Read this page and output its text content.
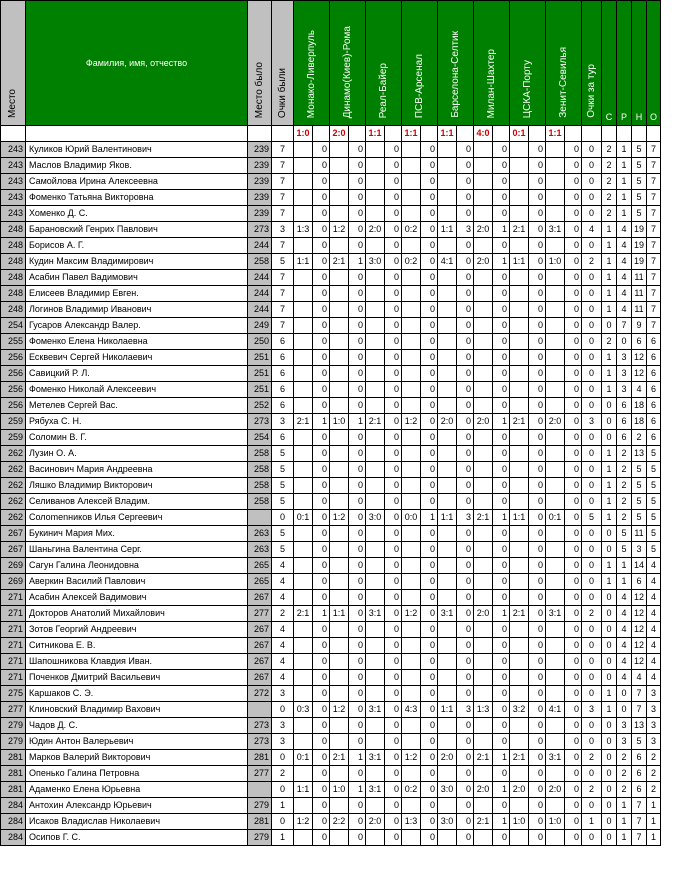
Место	Фамилия, имя, отчество	Место было	Очки были	Монако-Ливерпуль		Динамо(Киев)-Рома		Реал-Байер		ПСВ-Арсенал		Барселона-Селтик		Милан-Шахтер		ЦСКА-Порту		Зенит-Севилья		Очки за тур	С	Р	Н	О
				1:0		2:0		1:1		1:1		1:1		4:0		0:1		1:1						
243	Куликов Юрий Валентинович	239	7		0		0		0		0		0		0		0		0	0	2	1	5	7
243	Маслов Владимир Яков.	239	7		0		0		0		0		0		0		0		0	0	2	1	5	7
243	Самойлова Ирина Алексеевна	239	7		0		0		0		0		0		0		0		0	0	2	1	5	7
243	Фоменко Татьяна Викторовна	239	7		0		0		0		0		0		0		0		0	0	2	1	5	7
243	Хоменко Д. С.	239	7		0		0		0		0		0		0		0		0	0	2	1	5	7
248	Барановский Генрих Павлович	273	3	1:3	0	1:2	0	2:0	0	0:2	0	1:1	3	2:0	1	2:1	0	3:1	0	4	1	4	19	7
248	Борисов А. Г.	244	7		0		0		0		0		0		0		0		0	0	1	4	19	7
248	Кудин Максим Владимирович	258	5	1:1	0	2:1	1	3:0	0	0:2	0	4:1	0	2:0	1	1:1	0	1:0	0	2	1	4	19	7
248	Асабин Павел Вадимович	244	7		0		0		0		0		0		0		0		0	0	1	4	11	7
248	Елисеев Владимир Евген.	244	7		0		0		0		0		0		0		0		0	0	1	4	11	7
248	Логинов Владимир Иванович	244	7		0		0		0		0		0		0		0		0	0	1	4	11	7
254	Гусаров Александр Валер.	249	7		0		0		0		0		0		0		0		0	0	0	7	9	7
255	Фоменко Елена Николаевна	250	6		0		0		0		0		0		0		0		0	0	2	0	6	6
256	Есквевич Сергей Николаевич	251	6		0		0		0		0		0		0		0		0	0	1	3	12	6
256	Савицкий Р. Л.	251	6		0		0		0		0		0		0		0		0	0	1	3	12	6
256	Фоменко Николай Алексеевич	251	6		0		0		0		0		0		0		0		0	0	1	3	4	6
256	Метелев Сергей Вас.	252	6		0		0		0		0		0		0		0		0	0	0	6	18	6
259	Рябуха С. Н.	273	3	2:1	1	1:0	1	2:1	0	1:2	0	2:0	0	2:0	1	2:1	0	2:0	0	3	0	6	18	6
259	Соломин В. Г.	254	6		0		0		0		0		0		0		0		0	0	0	6	2	6
262	Лузин О. А.	258	5		0		0		0		0		0		0		0		0	0	1	2	13	5
262	Васинович Мария Андреевна	258	5		0		0		0		0		0		0		0		0	0	1	2	5	5
262	Ляшко Владимир Викторович	258	5		0		0		0		0		0		0		0		0	0	1	2	5	5
262	Селиванов Алексей Владим.	258	5		0		0		0		0		0		0		0		0	0	1	2	5	5
262	Солоmenников Илья Сергеевич		0	0:1	0	1:2	0	3:0	0	0:0	1	1:1	3	2:1	1	1:1	0	0:1	0	5	1	2	5	5
267	Букинич Мария Мих.	263	5		0		0		0		0		0		0		0		0	0	0	5	11	5
267	Шаньгина Валентина Серг.	263	5		0		0		0		0		0		0		0		0	0	0	5	3	5
269	Сагун Галина Леонидовна	265	4		0		0		0		0		0		0		0		0	0	1	1	14	4
269	Аверкин Василий Павлович	265	4		0		0		0		0		0		0		0		0	0	1	1	6	4
271	Асабин Алексей Вадимович	267	4		0		0		0		0		0		0		0		0	0	0	4	12	4
271	Докторов Анатолий Михайлович	277	2	2:1	1	1:1	0	3:1	0	1:2	0	3:1	0	2:0	1	2:1	0	3:1	0	2	0	4	12	4
271	Зотов Георгий Андреевич	267	4		0		0		0		0		0		0		0		0	0	0	4	12	4
271	Ситникова Е. В.	267	4		0		0		0		0		0		0		0		0	0	0	4	12	4
271	Шапошникова Клавдия Иван.	267	4		0		0		0		0		0		0		0		0	0	0	4	12	4
271	Поченков Дмитрий Васильевич	267	4		0		0		0		0		0		0		0		0	0	0	4	4	4
275	Каршаков С. Э.	272	3		0		0		0		0		0		0		0		0	0	1	0	7	3
277	Клиновский Владимир Вахович		0	0:3	0	1:2	0	3:1	0	4:3	0	1:1	3	1:3	0	3:2	0	4:1	0	3	1	0	7	3
279	Чадов Д. С.	273	3		0		0		0		0		0		0		0		0	0	0	3	13	3
279	Юдин Антон Валерьевич	273	3		0		0		0		0		0		0		0		0	0	0	3	5	3
281	Марков Валерий Викторович	281	0	0:1	0	2:1	1	3:1	0	1:2	0	2:0	0	2:1	1	2:1	0	3:1	0	2	0	2	6	2
281	Опенько Галина Петровна	277	2		0		0		0		0		0		0		0		0	0	0	2	6	2
281	Адаменко Елена Юрьевна		0	1:1	0	1:0	1	3:1	0	0:2	0	3:0	0	2:0	1	2:0	0	2:0	0	2	0	2	6	2
284	Антохин Александр Юрьевич	279	1		0		0		0		0		0		0		0		0	0	0	1	7	1
284	Исаков Владислав Николаевич	281	0	1:2	0	2:2	0	2:0	0	1:3	0	3:0	0	2:1	1	1:0	0	1:0	0	1	0	1	7	1
284	Осипов Г. С.	279	1		0		0		0		0		0		0		0		0	0	0	1	7	1
